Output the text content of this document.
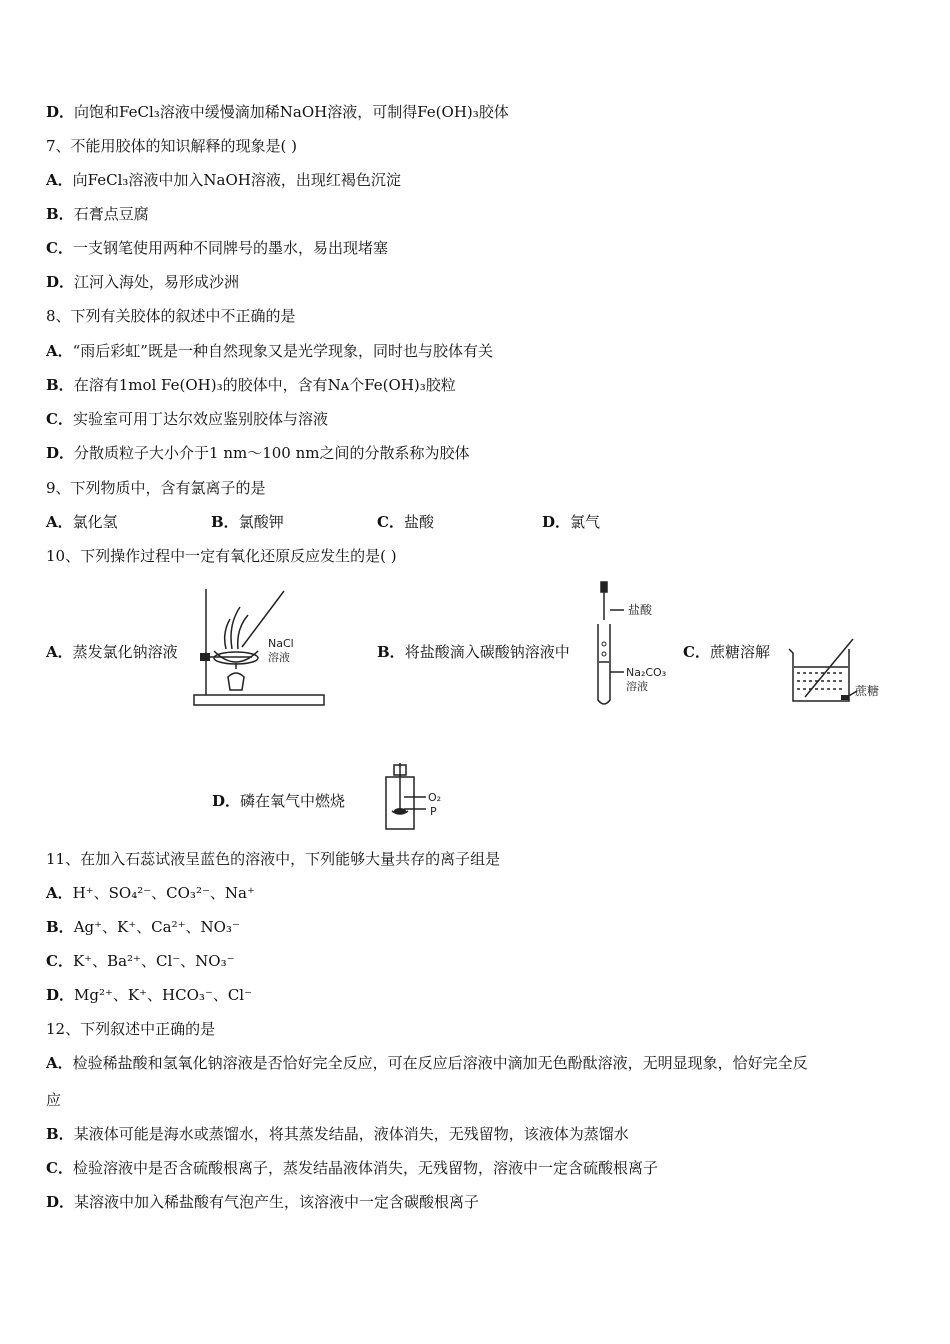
D．向饱和FeCl₃溶液中缓慢滴加稀NaOH溶液，可制得Fe(OH)₃胶体
7、不能用胶体的知识解释的现象是( )
A．向FeCl₃溶液中加入NaOH溶液，出现红褐色沉淀
B．石膏点豆腐
C．一支钢笔使用两种不同牌号的墨水，易出现堵塞
D．江河入海处，易形成沙洲
8、下列有关胶体的叙述中不正确的是
A．“雨后彩虹”既是一种自然现象又是光学现象，同时也与胶体有关
B．在溶有1mol Fe(OH)₃的胶体中，含有Nᴀ个Fe(OH)₃胶粒
C．实验室可用丁达尔效应鉴别胶体与溶液
D．分散质粒子大小介于1 nm～100 nm之间的分散系称为胶体
9、下列物质中，含有氯离子的是
A．氯化氢	B．氯酸钾	C．盐酸	D．氯气
10、下列操作过程中一定有氧化还原反应发生的是( )
A．蒸发氯化钠溶液	B．将盐酸滴入碳酸钠溶液中	C．蔗糖溶解
D．磷在氧气中燃烧
NaCl
溶液
盐酸
Na₂CO₃
溶液	蔗糖
O₂
P
11、在加入石蕊试液呈蓝色的溶液中，下列能够大量共存的离子组是
A．H⁺、SO₄²⁻、CO₃²⁻、Na⁺
B．Ag⁺、K⁺、Ca²⁺、NO₃⁻
C．K⁺、Ba²⁺、Cl⁻、NO₃⁻
D．Mg²⁺、K⁺、HCO₃⁻、Cl⁻
12、下列叙述中正确的是
A．检验稀盐酸和氢氧化钠溶液是否恰好完全反应，可在反应后溶液中滴加无色酚酞溶液，无明显现象，恰好完全反
应
B．某液体可能是海水或蒸馏水，将其蒸发结晶，液体消失，无残留物，该液体为蒸馏水
C．检验溶液中是否含硫酸根离子，蒸发结晶液体消失，无残留物，溶液中一定含硫酸根离子
D．某溶液中加入稀盐酸有气泡产生，该溶液中一定含碳酸根离子
